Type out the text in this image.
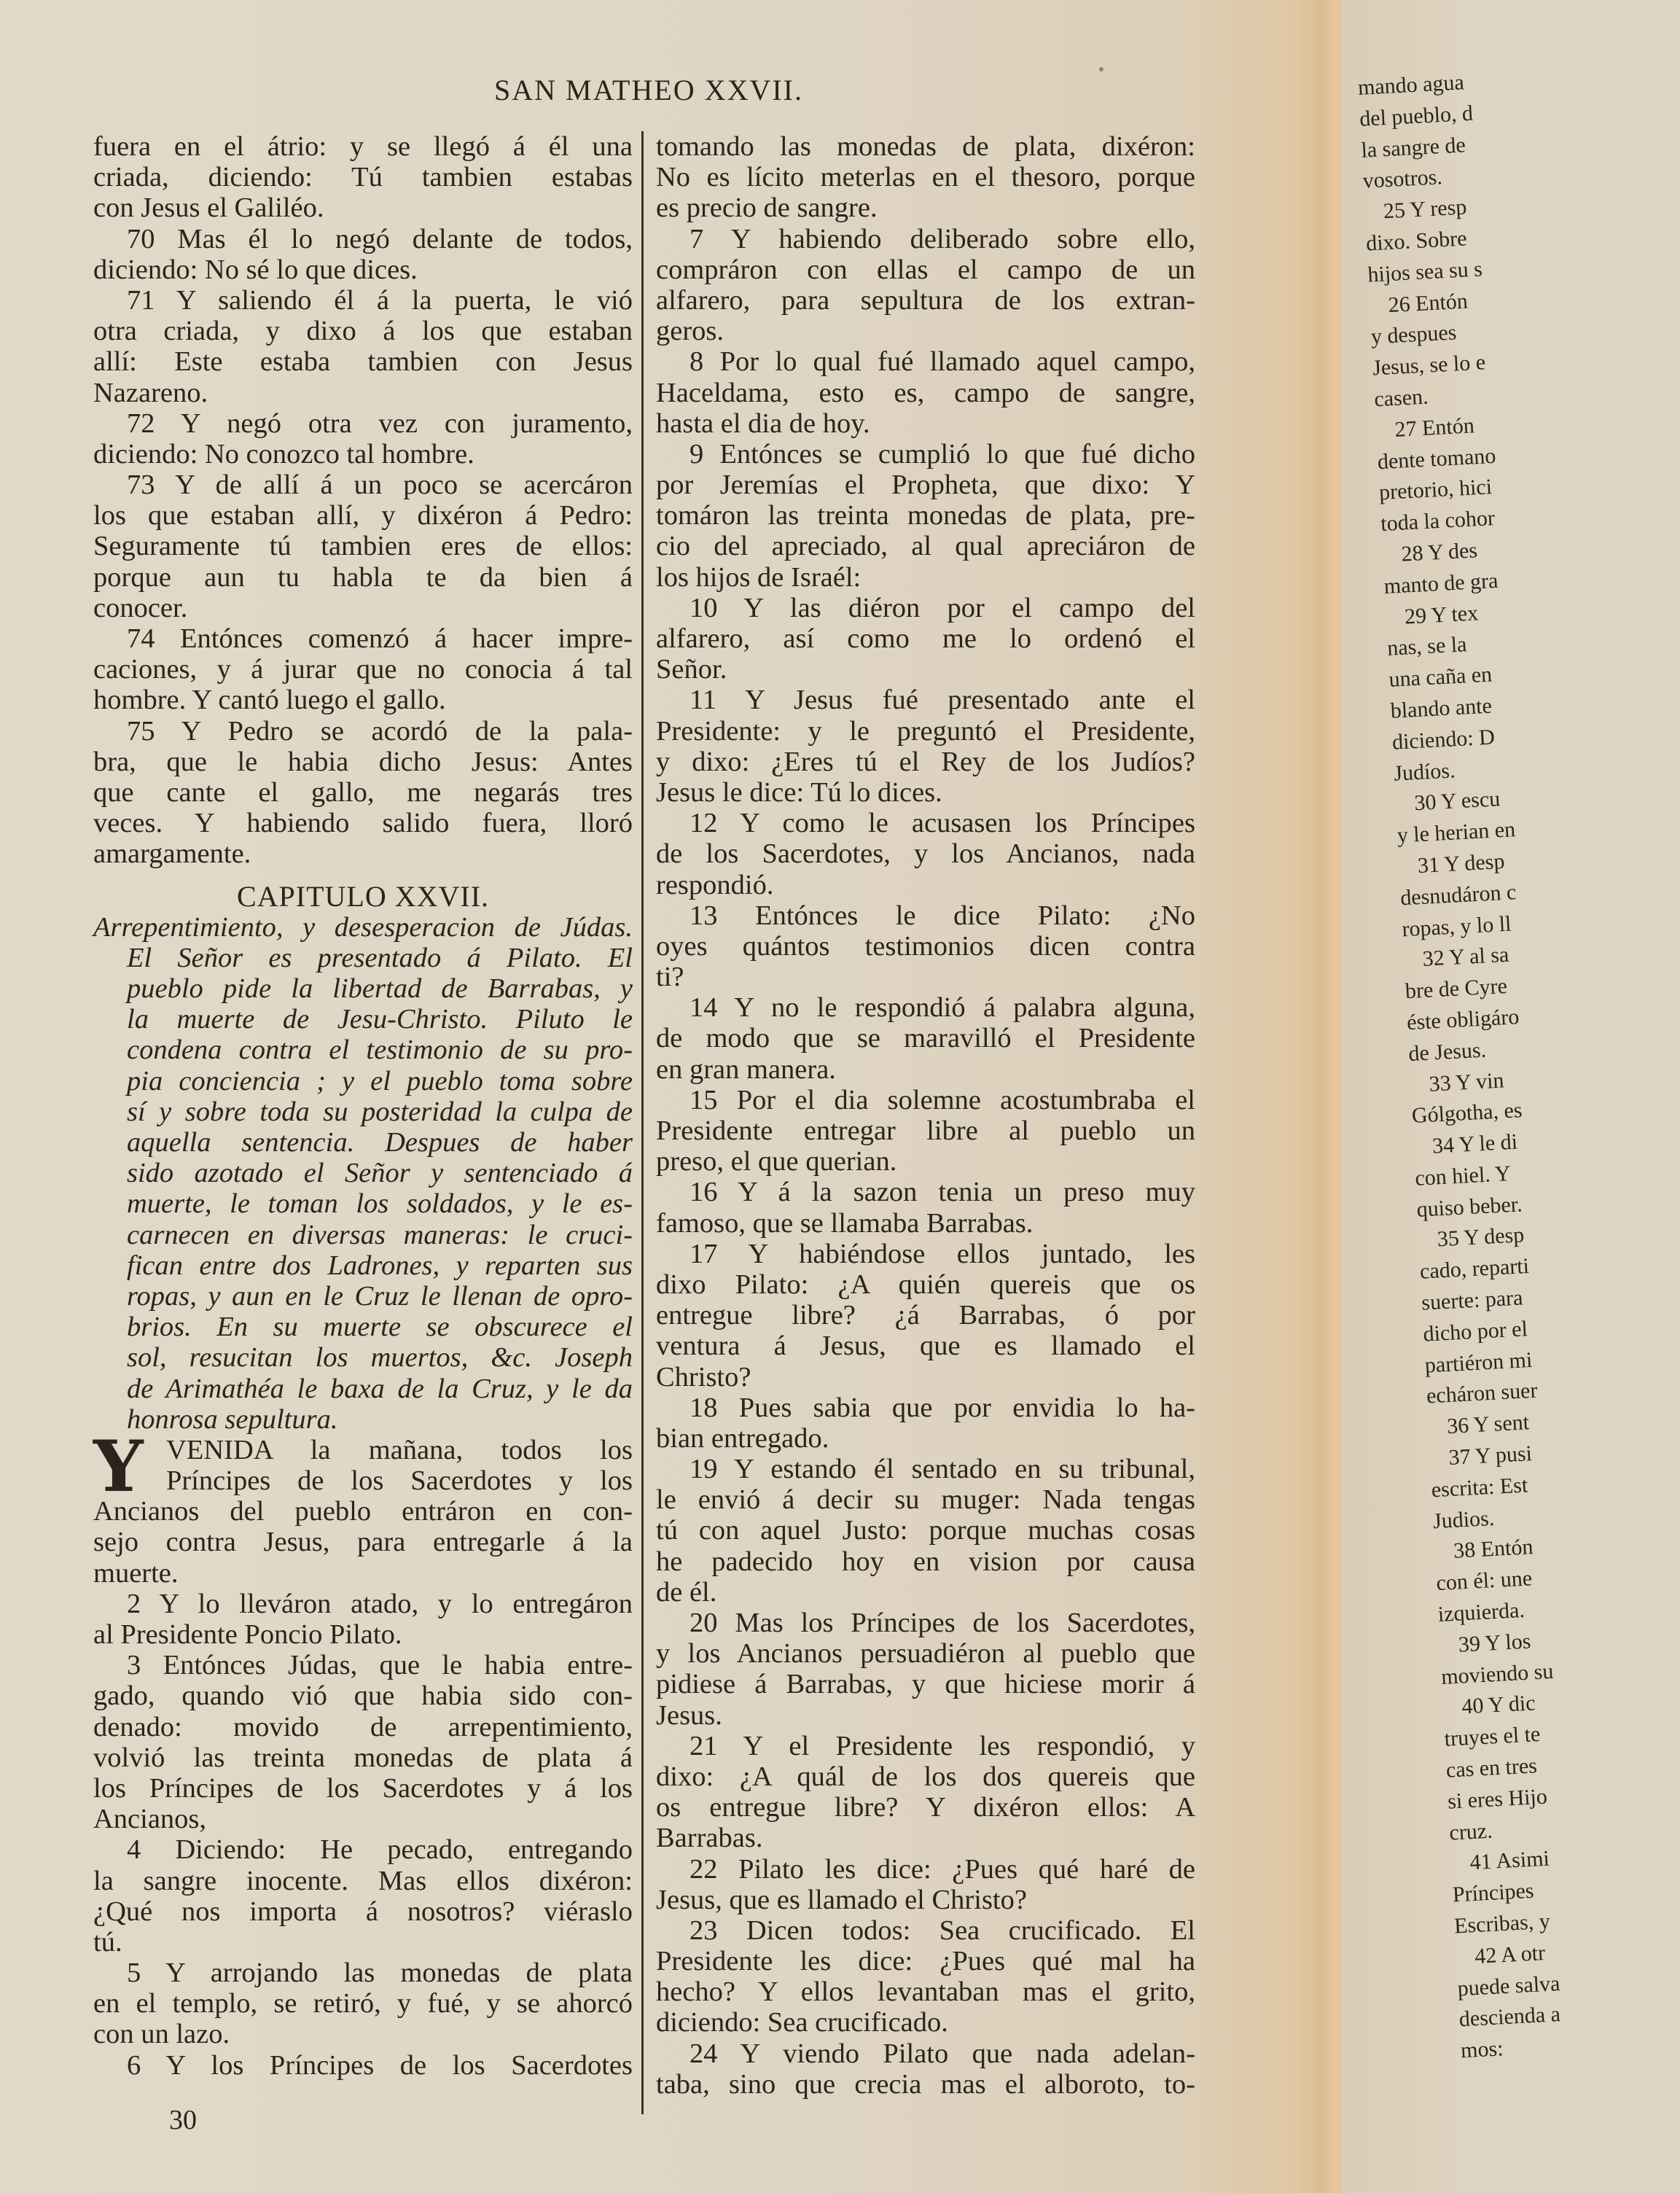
SAN MATHEO XXVII.
fuera en el átrio: y se llegó á él una
criada, diciendo: Tú tambien estabas
con Jesus el Galiléo.
70 Mas él lo negó delante de todos,
diciendo: No sé lo que dices.
71 Y saliendo él á la puerta, le vió
otra criada, y dixo á los que estaban
allí: Este estaba tambien con Jesus
Nazareno.
72 Y negó otra vez con juramento,
diciendo: No conozco tal hombre.
73 Y de allí á un poco se acercáron
los que estaban allí, y dixéron á Pedro:
Seguramente tú tambien eres de ellos:
porque aun tu habla te da bien á
conocer.
74 Entónces comenzó á hacer impre-
caciones, y á jurar que no conocia á tal
hombre. Y cantó luego el gallo.
75 Y Pedro se acordó de la pala-
bra, que le habia dicho Jesus: Antes
que cante el gallo, me negarás tres
veces. Y habiendo salido fuera, lloró
amargamente.
CAPITULO XXVII.
Arrepentimiento, y desesperacion de Júdas.
El Señor es presentado á Pilato. El
pueblo pide la libertad de Barrabas, y
la muerte de Jesu-Christo. Piluto le
condena contra el testimonio de su pro-
pia conciencia ; y el pueblo toma sobre
sí y sobre toda su posteridad la culpa de
aquella sentencia. Despues de haber
sido azotado el Señor y sentenciado á
muerte, le toman los soldados, y le es-
carnecen en diversas maneras: le cruci-
fican entre dos Ladrones, y reparten sus
ropas, y aun en le Cruz le llenan de opro-
brios. En su muerte se obscurece el
sol, resucitan los muertos, &c. Joseph
de Arimathéa le baxa de la Cruz, y le da
honrosa sepultura.
Y VENIDA la mañana, todos los
Príncipes de los Sacerdotes y los
Ancianos del pueblo entráron en con-
sejo contra Jesus, para entregarle á la
muerte.
2 Y lo lleváron atado, y lo entregáron
al Presidente Poncio Pilato.
3 Entónces Júdas, que le habia entre-
gado, quando vió que habia sido con-
denado: movido de arrepentimiento,
volvió las treinta monedas de plata á
los Príncipes de los Sacerdotes y á los
Ancianos,
4 Diciendo: He pecado, entregando
la sangre inocente. Mas ellos dixéron:
¿Qué nos importa á nosotros? viéraslo
tú.
5 Y arrojando las monedas de plata
en el templo, se retiró, y fué, y se ahorcó
con un lazo.
6 Y los Príncipes de los Sacerdotes
tomando las monedas de plata, dixéron:
No es lícito meterlas en el thesoro, porque
es precio de sangre.
7 Y habiendo deliberado sobre ello,
compráron con ellas el campo de un
alfarero, para sepultura de los extran-
geros.
8 Por lo qual fué llamado aquel campo,
Haceldama, esto es, campo de sangre,
hasta el dia de hoy.
9 Entónces se cumplió lo que fué dicho
por Jeremías el Propheta, que dixo: Y
tomáron las treinta monedas de plata, pre-
cio del apreciado, al qual apreciáron de
los hijos de Israél:
10 Y las diéron por el campo del
alfarero, así como me lo ordenó el
Señor.
11 Y Jesus fué presentado ante el
Presidente: y le preguntó el Presidente,
y dixo: ¿Eres tú el Rey de los Judíos?
Jesus le dice: Tú lo dices.
12 Y como le acusasen los Príncipes
de los Sacerdotes, y los Ancianos, nada
respondió.
13 Entónces le dice Pilato: ¿No
oyes quántos testimonios dicen contra
ti?
14 Y no le respondió á palabra alguna,
de modo que se maravilló el Presidente
en gran manera.
15 Por el dia solemne acostumbraba el
Presidente entregar libre al pueblo un
preso, el que querian.
16 Y á la sazon tenia un preso muy
famoso, que se llamaba Barrabas.
17 Y habiéndose ellos juntado, les
dixo Pilato: ¿A quién quereis que os
entregue libre? ¿á Barrabas, ó por
ventura á Jesus, que es llamado el
Christo?
18 Pues sabia que por envidia lo ha-
bian entregado.
19 Y estando él sentado en su tribunal,
le envió á decir su muger: Nada tengas
tú con aquel Justo: porque muchas cosas
he padecido hoy en vision por causa
de él.
20 Mas los Príncipes de los Sacerdotes,
y los Ancianos persuadiéron al pueblo que
pidiese á Barrabas, y que hiciese morir á
Jesus.
21 Y el Presidente les respondió, y
dixo: ¿A quál de los dos quereis que
os entregue libre? Y dixéron ellos: A
Barrabas.
22 Pilato les dice: ¿Pues qué haré de
Jesus, que es llamado el Christo?
23 Dicen todos: Sea crucificado. El
Presidente les dice: ¿Pues qué mal ha
hecho? Y ellos levantaban mas el grito,
diciendo: Sea crucificado.
24 Y viendo Pilato que nada adelan-
taba, sino que crecia mas el alboroto, to-
30
mando agua
del pueblo, d
la sangre de
vosotros.
25 Y resp
dixo. Sobre
hijos sea su s
26 Entón
y despues
Jesus, se lo e
casen.
27 Entón
dente tomano
pretorio, hici
toda la cohor
28 Y des
manto de gra
29 Y tex
nas, se la
una caña en
blando ante
diciendo: D
Judíos.
30 Y escu
y le herian en
31 Y desp
desnudáron c
ropas, y lo ll
32 Y al sa
bre de Cyre
éste obligáro
de Jesus.
33 Y vin
Gólgotha, es
34 Y le di
con hiel. Y
quiso beber.
35 Y desp
cado, reparti
suerte: para
dicho por el
partiéron mi
echáron suer
36 Y sent
37 Y pusi
escrita: Est
Judios.
38 Entón
con él: une
izquierda.
39 Y los
moviendo su
40 Y dic
truyes el te
cas en tres
si eres Hijo
cruz.
41 Asimi
Príncipes
Escribas, y
42 A otr
puede salva
descienda a
mos:
